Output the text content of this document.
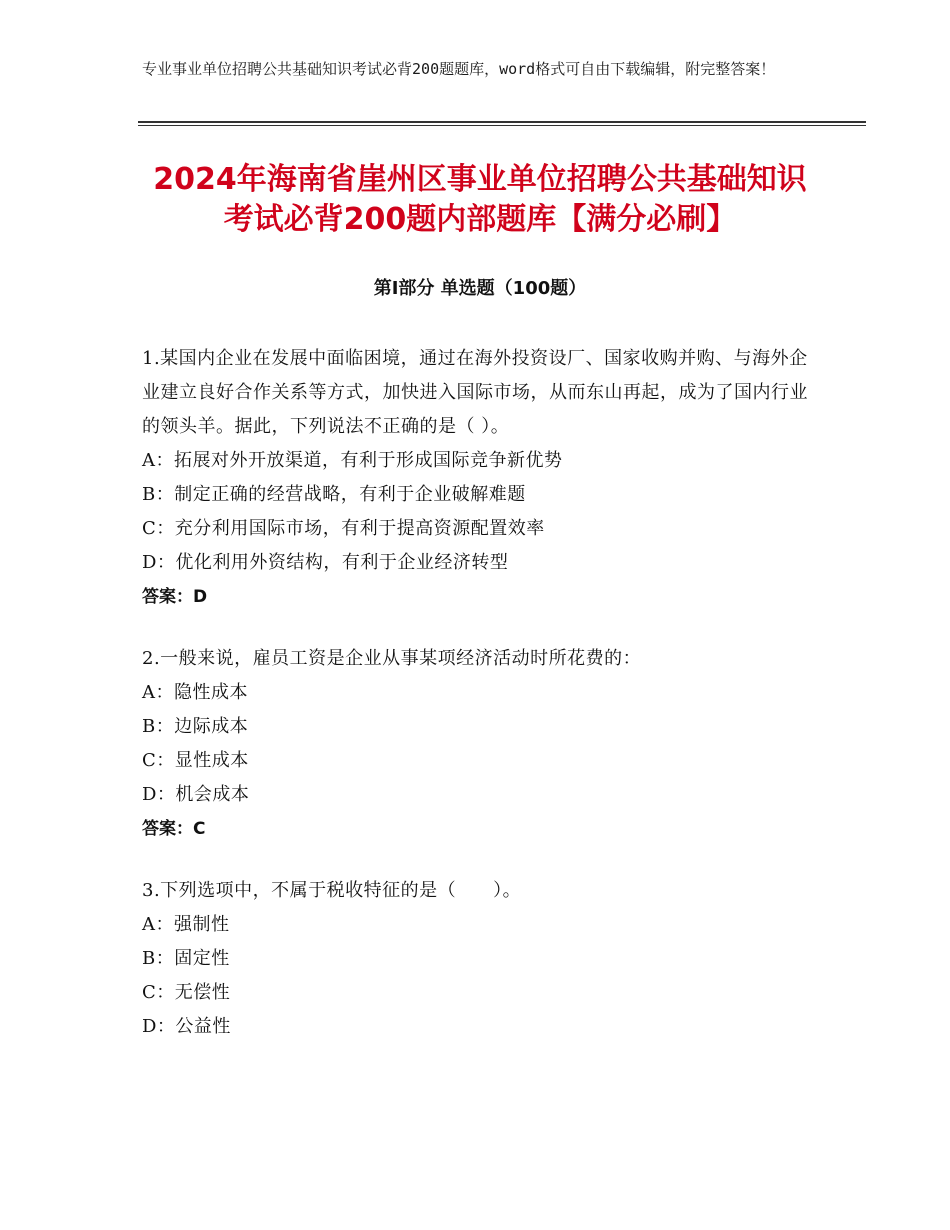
专业事业单位招聘公共基础知识考试必背200题题库，word格式可自由下载编辑，附完整答案！
2024年海南省崖州区事业单位招聘公共基础知识考试必背200题内部题库【满分必刷】
第Ⅰ部分 单选题（100题）
1.某国内企业在发展中面临困境，通过在海外投资设厂、国家收购并购、与海外企业建立良好合作关系等方式，加快进入国际市场，从而东山再起，成为了国内行业的领头羊。据此，下列说法不正确的是（ ）。
A：拓展对外开放渠道，有利于形成国际竞争新优势
B：制定正确的经营战略，有利于企业破解难题
C：充分利用国际市场，有利于提高资源配置效率
D：优化利用外资结构，有利于企业经济转型
答案：D
2.一般来说，雇员工资是企业从事某项经济活动时所花费的：
A：隐性成本
B：边际成本
C：显性成本
D：机会成本
答案：C
3.下列选项中，不属于税收特征的是（　　）。
A：强制性
B：固定性
C：无偿性
D：公益性
